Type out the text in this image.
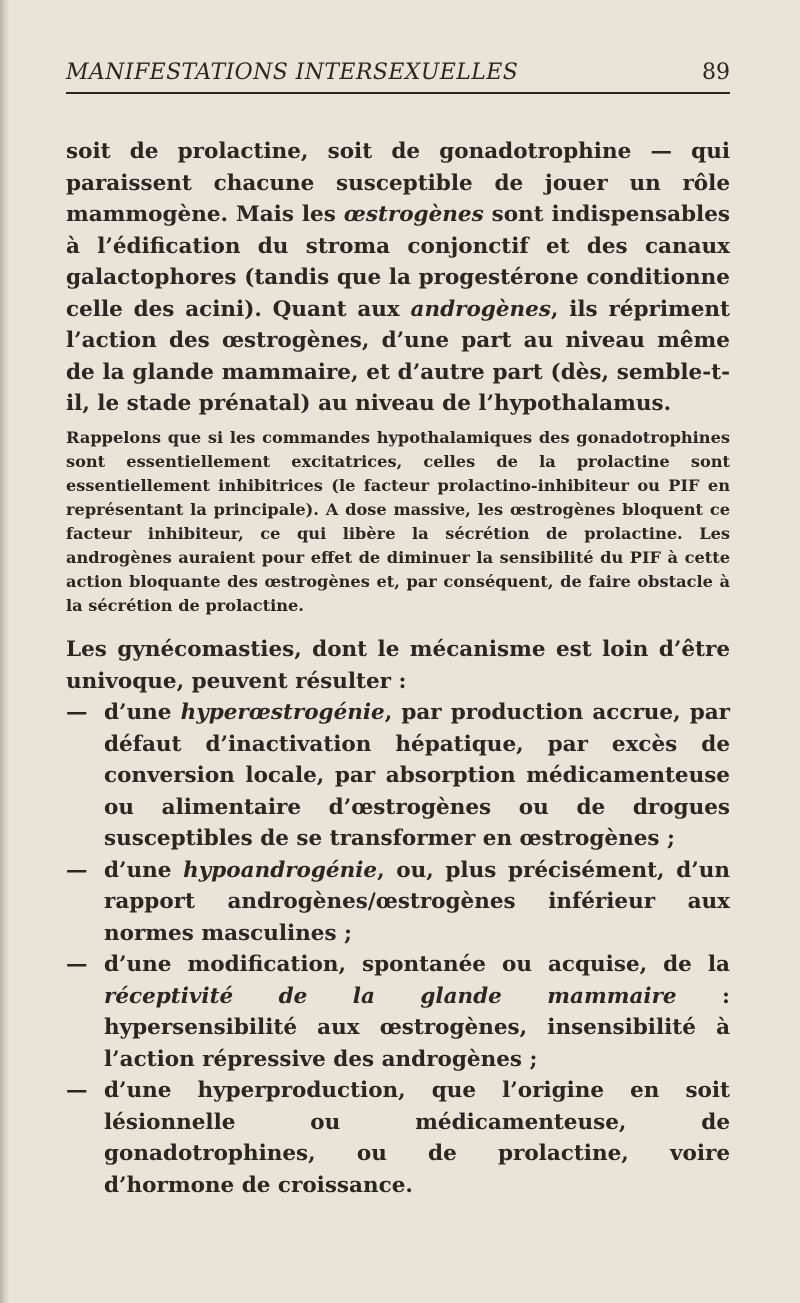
MANIFESTATIONS INTERSEXUELLES	89

soit de prolactine, soit de gonadotrophine — qui paraissent chacune susceptible de jouer un rôle mammogène. Mais les œstrogènes sont indispensables à l’édification du stroma conjonctif et des canaux galactophores (tandis que la progestérone conditionne celle des acini). Quant aux androgènes, ils répriment l’action des œstrogènes, d’une part au niveau même de la glande mammaire, et d’autre part (dès, semble-t-il, le stade prénatal) au niveau de l’hypothalamus.

Rappelons que si les commandes hypothalamiques des gonadotrophines sont essentiellement excitatrices, celles de la prolactine sont essentiellement inhibitrices (le facteur prolactino-inhibiteur ou PIF en représentant la principale). A dose massive, les œstrogènes bloquent ce facteur inhibiteur, ce qui libère la sécrétion de prolactine. Les androgènes auraient pour effet de diminuer la sensibilité du PIF à cette action bloquante des œstrogènes et, par conséquent, de faire obstacle à la sécrétion de prolactine.

Les gynécomasties, dont le mécanisme est loin d’être univoque, peuvent résulter :

— d’une hyperœstrogénie, par production accrue, par défaut d’inactivation hépatique, par excès de conversion locale, par absorption médicamenteuse ou alimentaire d’œstrogènes ou de drogues susceptibles de se transformer en œstrogènes ;
— d’une hypoandrogénie, ou, plus précisément, d’un rapport androgènes/œstrogènes inférieur aux normes masculines ;
— d’une modification, spontanée ou acquise, de la réceptivité de la glande mammaire : hypersensibilité aux œstrogènes, insensibilité à l’action répressive des androgènes ;
— d’une hyperproduction, que l’origine en soit lésionnelle ou médicamenteuse, de gonadotrophines, ou de prolactine, voire d’hormone de croissance.
